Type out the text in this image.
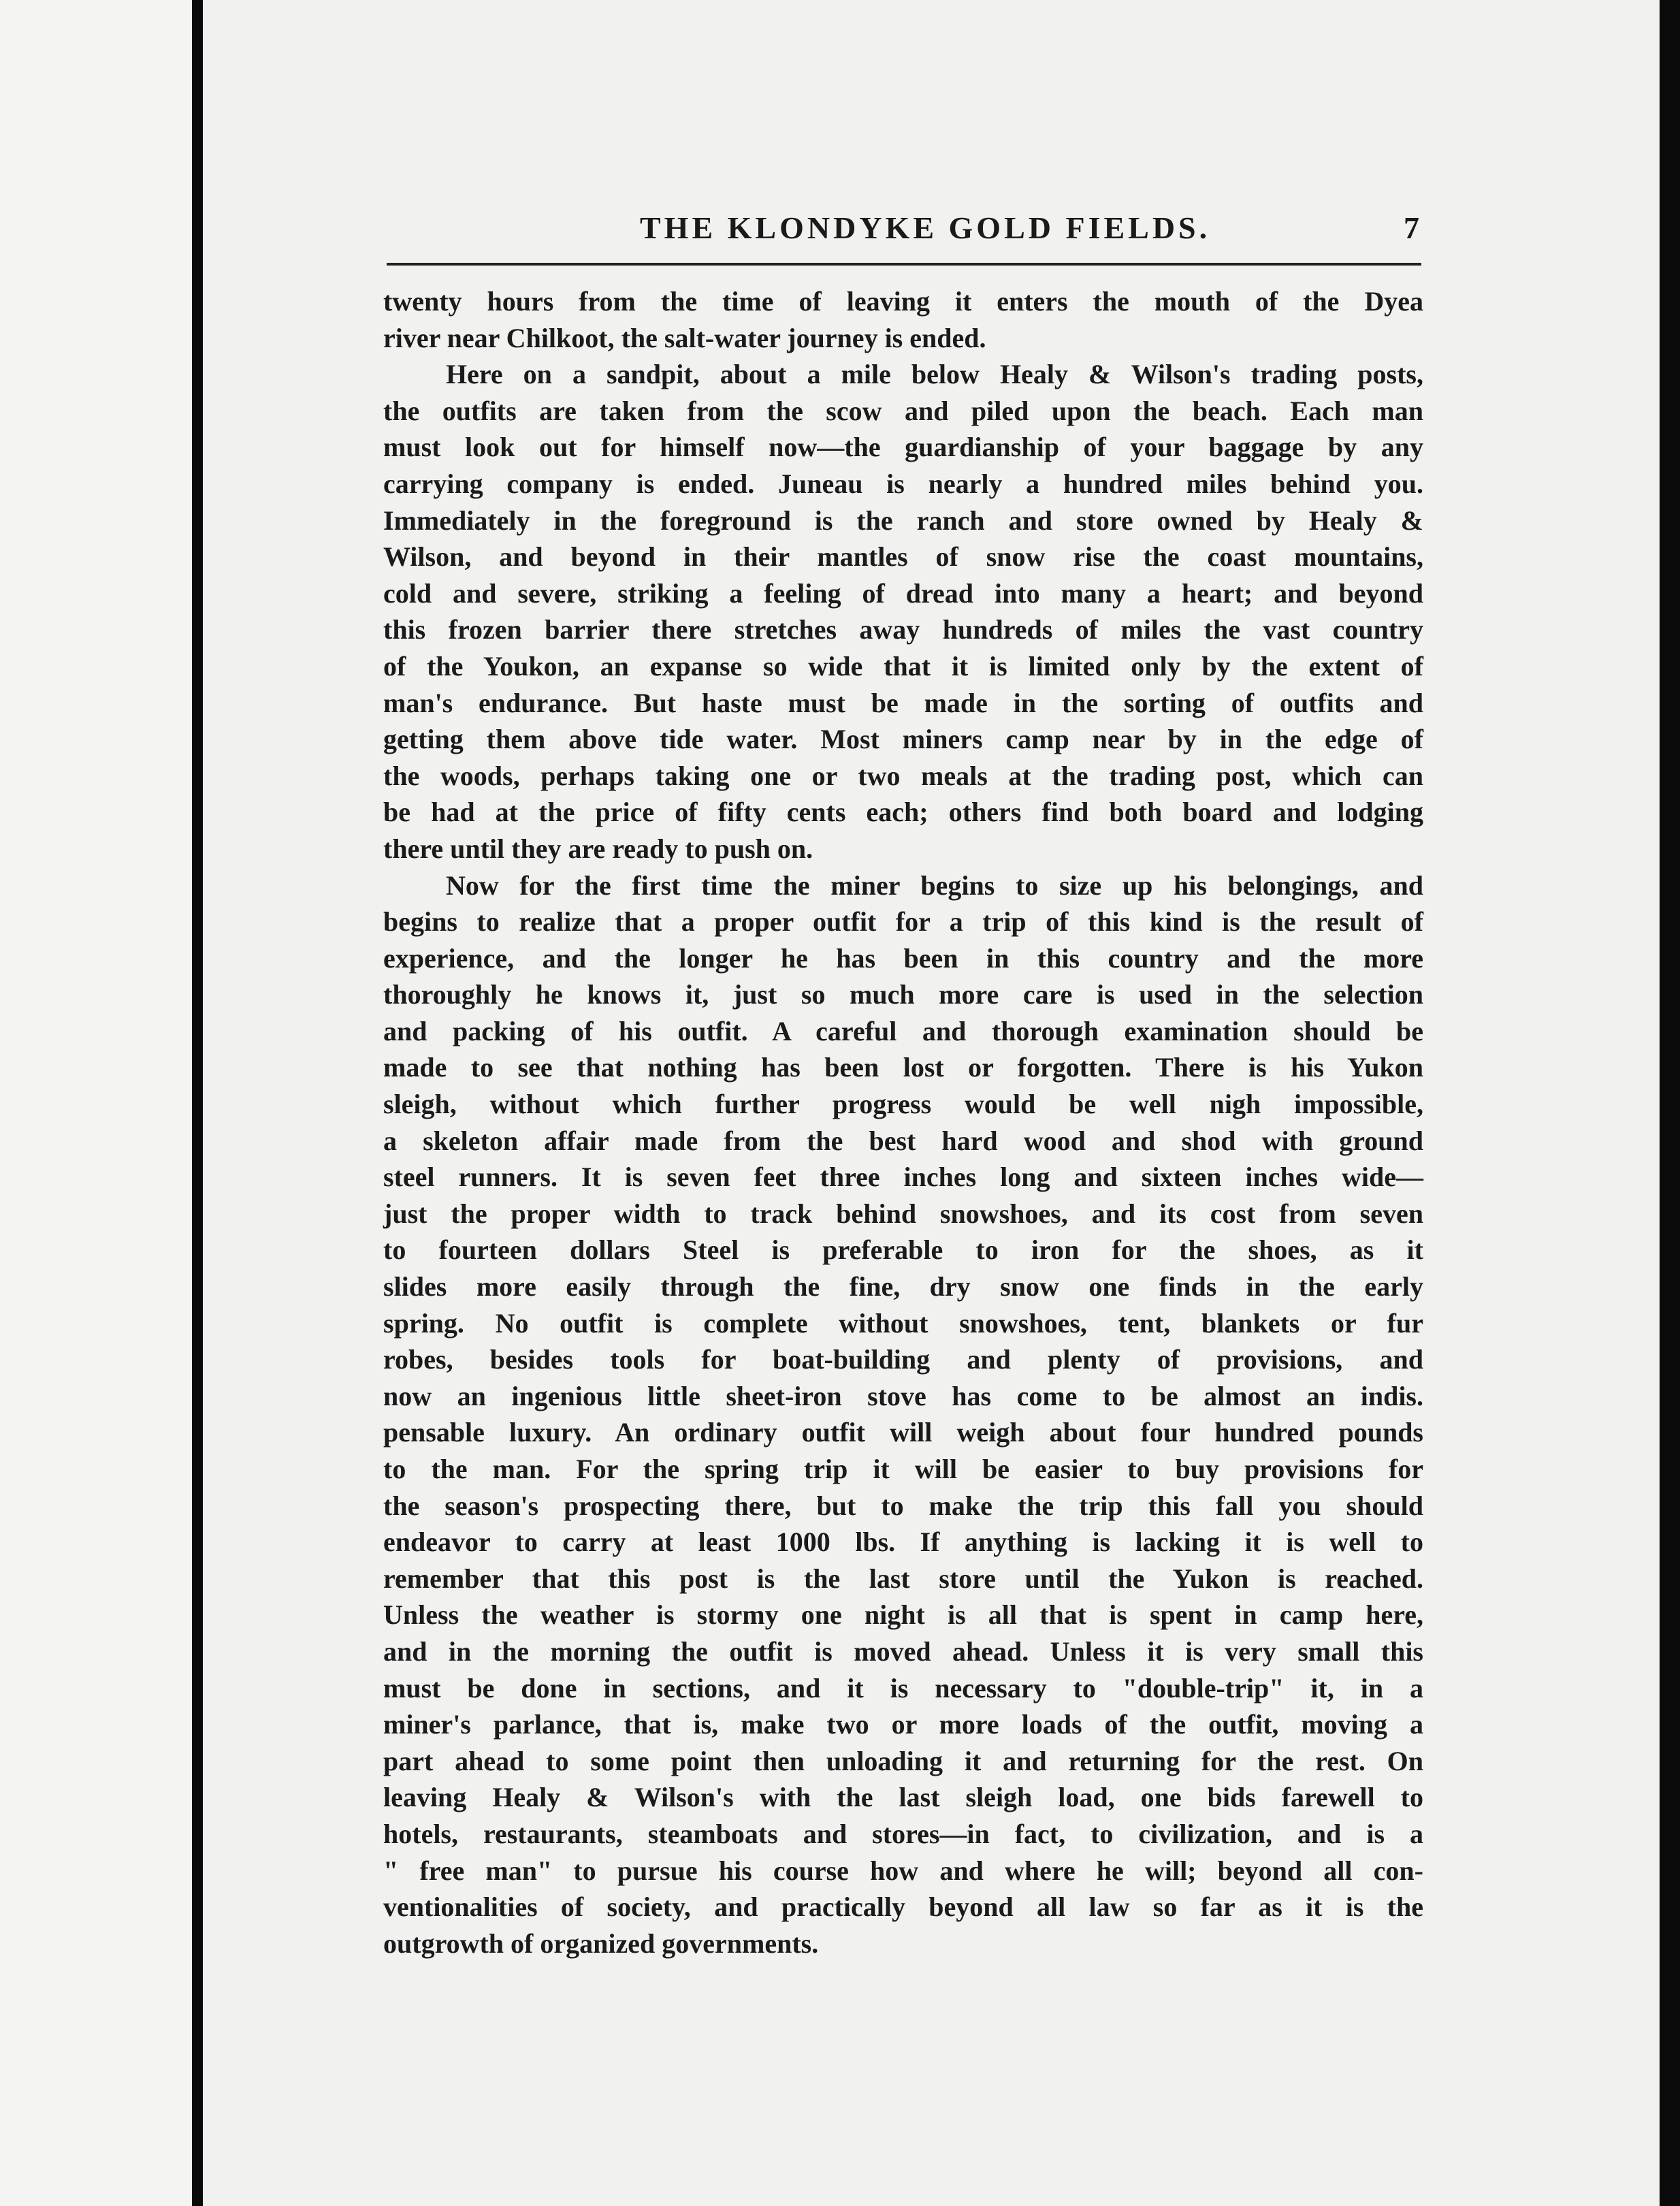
THE KLONDYKE GOLD FIELDS.	7
twenty hours from the time of leaving it enters the mouth of the Dyea
river near Chilkoot, the salt-water journey is ended.
Here on a sandpit, about a mile below Healy & Wilson's trading posts,
the outfits are taken from the scow and piled upon the beach. Each man
must look out for himself now—the guardianship of your baggage by any
carrying company is ended. Juneau is nearly a hundred miles behind you.
Immediately in the foreground is the ranch and store owned by Healy &
Wilson, and beyond in their mantles of snow rise the coast mountains,
cold and severe, striking a feeling of dread into many a heart; and beyond
this frozen barrier there stretches away hundreds of miles the vast country
of the Youkon, an expanse so wide that it is limited only by the extent of
man's endurance. But haste must be made in the sorting of outfits and
getting them above tide water. Most miners camp near by in the edge of
the woods, perhaps taking one or two meals at the trading post, which can
be had at the price of fifty cents each; others find both board and lodging
there until they are ready to push on.
Now for the first time the miner begins to size up his belongings, and
begins to realize that a proper outfit for a trip of this kind is the result of
experience, and the longer he has been in this country and the more
thoroughly he knows it, just so much more care is used in the selection
and packing of his outfit. A careful and thorough examination should be
made to see that nothing has been lost or forgotten. There is his Yukon
sleigh, without which further progress would be well nigh impossible,
a skeleton affair made from the best hard wood and shod with ground
steel runners. It is seven feet three inches long and sixteen inches wide—
just the proper width to track behind snowshoes, and its cost from seven
to fourteen dollars Steel is preferable to iron for the shoes, as it
slides more easily through the fine, dry snow one finds in the early
spring. No outfit is complete without snowshoes, tent, blankets or fur
robes, besides tools for boat-building and plenty of provisions, and
now an ingenious little sheet-iron stove has come to be almost an indis.
pensable luxury. An ordinary outfit will weigh about four hundred pounds
to the man. For the spring trip it will be easier to buy provisions for
the season's prospecting there, but to make the trip this fall you should
endeavor to carry at least 1000 lbs. If anything is lacking it is well to
remember that this post is the last store until the Yukon is reached.
Unless the weather is stormy one night is all that is spent in camp here,
and in the morning the outfit is moved ahead. Unless it is very small this
must be done in sections, and it is necessary to "double-trip" it, in a
miner's parlance, that is, make two or more loads of the outfit, moving a
part ahead to some point then unloading it and returning for the rest. On
leaving Healy & Wilson's with the last sleigh load, one bids farewell to
hotels, restaurants, steamboats and stores—in fact, to civilization, and is a
" free man" to pursue his course how and where he will; beyond all con-
ventionalities of society, and practically beyond all law so far as it is the
outgrowth of organized governments.
